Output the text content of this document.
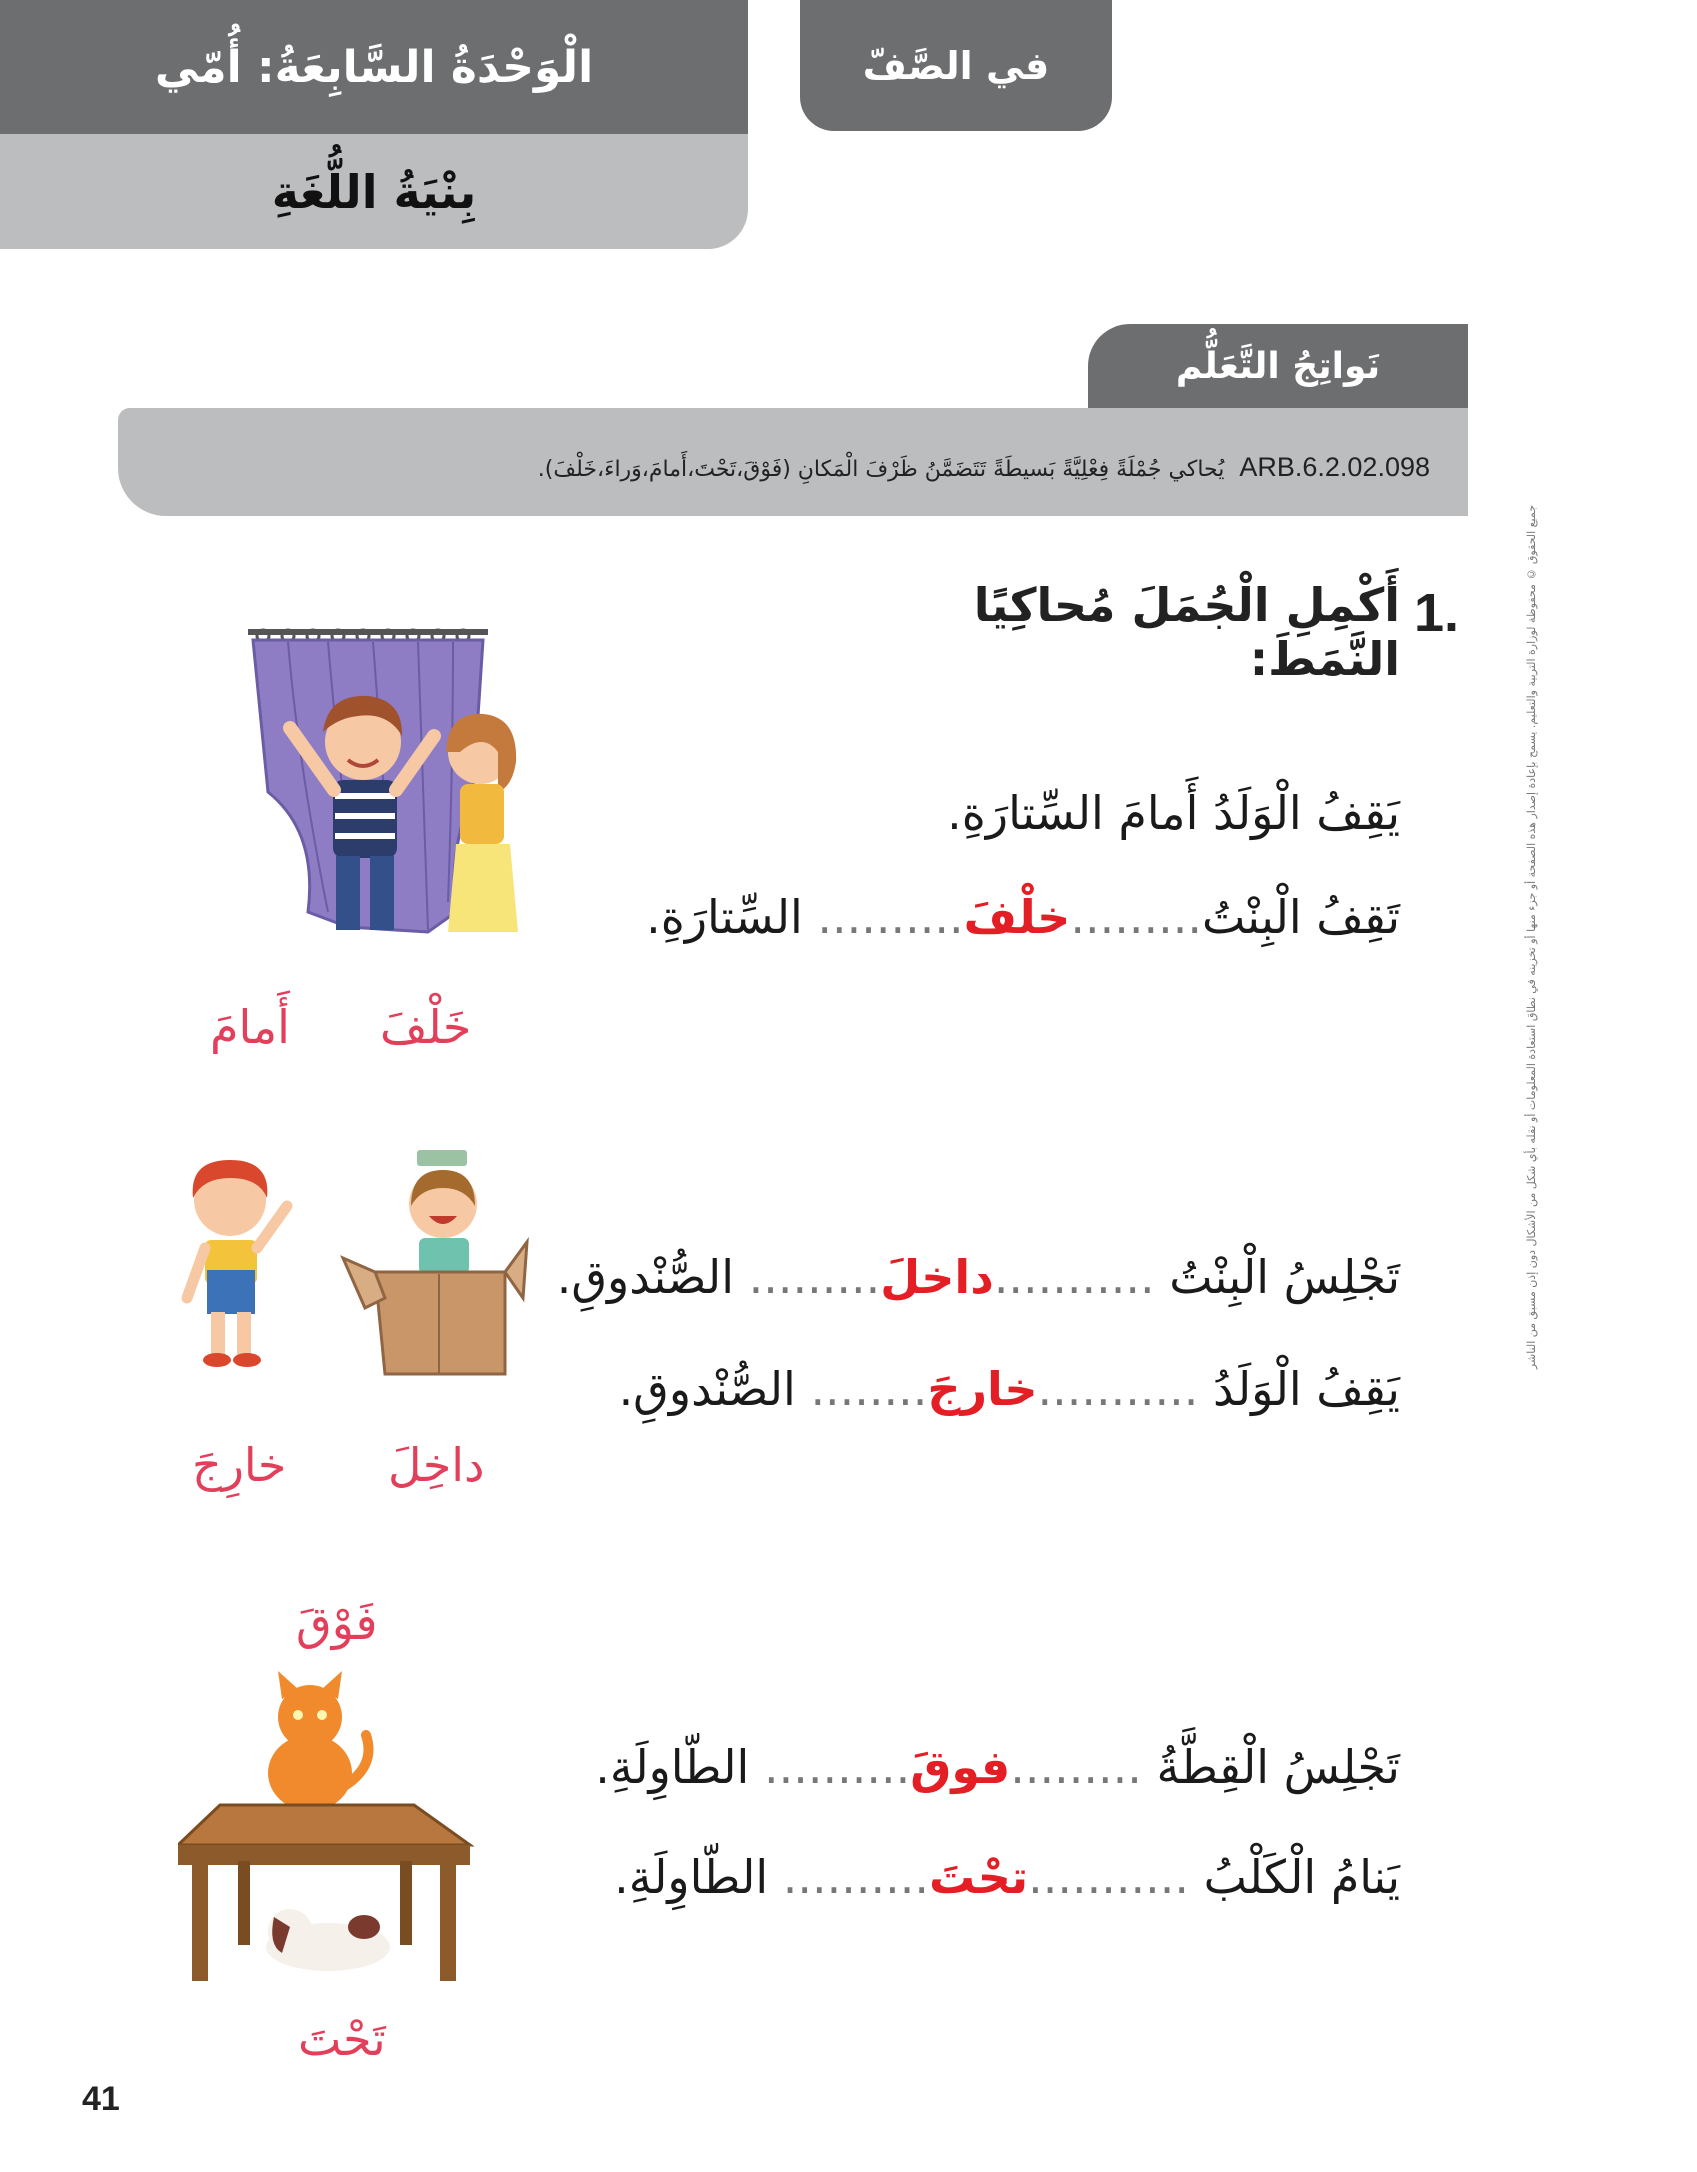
الْوَحْدَةُ السَّابِعَةُ: أُمّي
بِنْيَةُ اللُّغَةِ
في الصَّفّ
نَواتِجُ التَّعَلُّم
ARB.6.2.02.098 يُحاكي جُمْلَةً فِعْلِيَّةً بَسيطَةً تَتَضَمَّنُ ظَرْفَ الْمَكانِ (فَوْقَ،تَحْتَ،أَمامَ،وَراءَ،خَلْفَ).
جميع الحقوق © محفوظة لوزارة التربية والتعليم. يسمح بإعادة إصدار هذه الصفحة أو جزء منها أو تخزينه في نطاق استعادة المعلومات أو نقله بأي شكل من الأشكال دون إذن مسبق من الناشر
1.
أَكْمِلِ الْجُمَلَ مُحاكِيًا النَّمَطَ:
خَلْفَ
أَمامَ
يَقِفُ الْوَلَدُ أَمامَ السِّتارَةِ.
تَقِفُ الْبِنْتُ.........خلْفَ.......... السِّتارَةِ.
داخِلَ
خارِجَ
تَجْلِسُ الْبِنْتُ ...........داخلَ......... الصُّنْدوقِ.
يَقِفُ الْوَلَدُ ...........خارجَ........ الصُّنْدوقِ.
فَوْقَ
تَحْتَ
تَجْلِسُ الْقِطَّةُ .........فوقَ.......... الطّاوِلَةِ.
يَنامُ الْكَلْبُ ...........تحْتَ.......... الطّاوِلَةِ.
41
